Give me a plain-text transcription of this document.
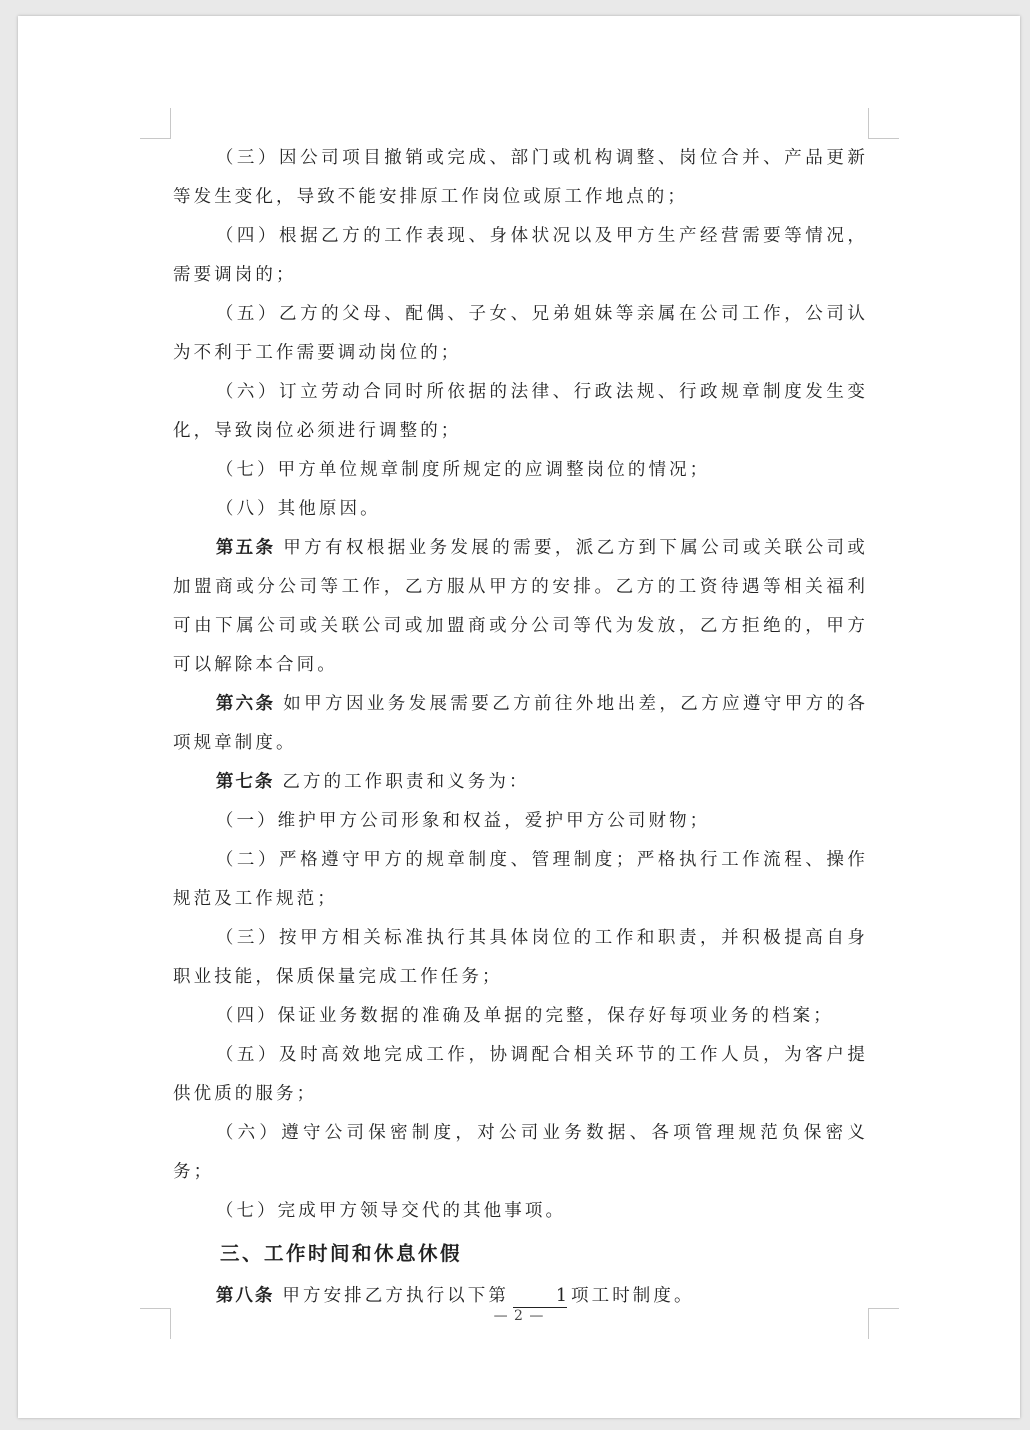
（三）因公司项目撤销或完成、部门或机构调整、岗位合并、产品更新等发生变化，导致不能安排原工作岗位或原工作地点的；

（四）根据乙方的工作表现、身体状况以及甲方生产经营需要等情况，需要调岗的；

（五）乙方的父母、配偶、子女、兄弟姐妹等亲属在公司工作，公司认为不利于工作需要调动岗位的；

（六）订立劳动合同时所依据的法律、行政法规、行政规章制度发生变化，导致岗位必须进行调整的；

（七）甲方单位规章制度所规定的应调整岗位的情况；

（八）其他原因。

第五条 甲方有权根据业务发展的需要，派乙方到下属公司或关联公司或加盟商或分公司等工作，乙方服从甲方的安排。乙方的工资待遇等相关福利可由下属公司或关联公司或加盟商或分公司等代为发放，乙方拒绝的，甲方可以解除本合同。

第六条 如甲方因业务发展需要乙方前往外地出差，乙方应遵守甲方的各项规章制度。

第七条 乙方的工作职责和义务为：

（一）维护甲方公司形象和权益，爱护甲方公司财物；

（二）严格遵守甲方的规章制度、管理制度；严格执行工作流程、操作规范及工作规范；

（三）按甲方相关标准执行其具体岗位的工作和职责，并积极提高自身职业技能，保质保量完成工作任务；

（四）保证业务数据的准确及单据的完整，保存好每项业务的档案；

（五）及时高效地完成工作，协调配合相关环节的工作人员，为客户提供优质的服务；

（六）遵守公司保密制度，对公司业务数据、各项管理规范负保密义务；

（七）完成甲方领导交代的其他事项。

三、工作时间和休息休假

第八条 甲方安排乙方执行以下第	1 项工时制度。

— 2 —
